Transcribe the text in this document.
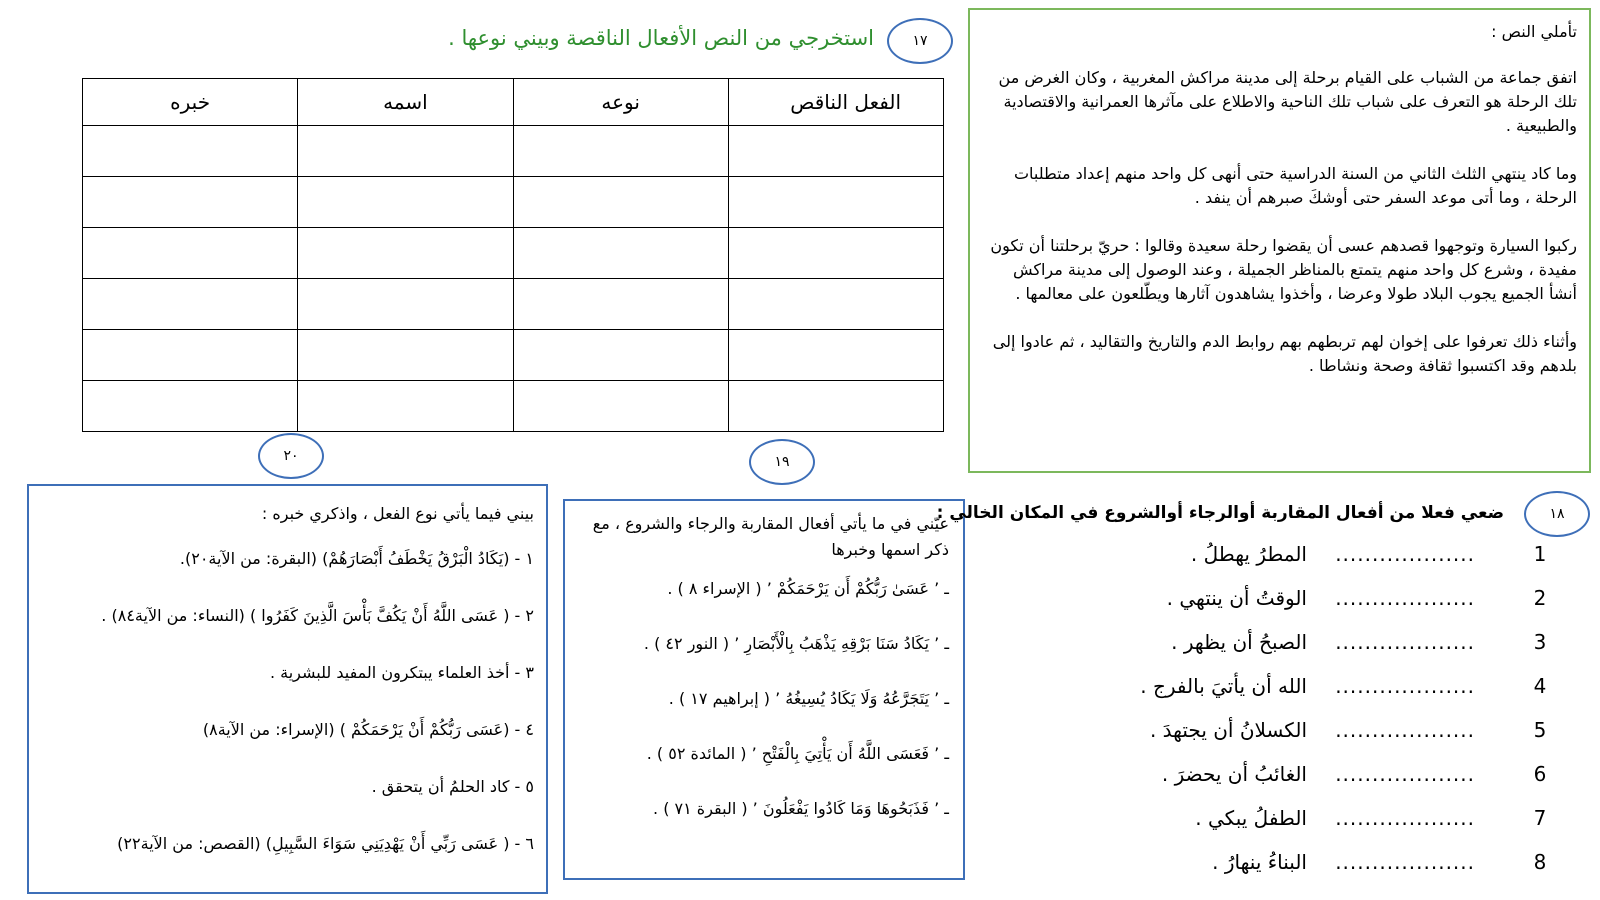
تأملي النص :
اتفق جماعة من الشباب على القيام برحلة إلى مدينة مراكش المغربية ، وكان الغرض من تلك الرحلة هو التعرف على شباب تلك الناحية والاطلاع على مآثرها العمرانية والاقتصادية والطبيعية .
وما كاد ينتهي الثلث الثاني من السنة الدراسية حتى أنهى كل واحد منهم إعداد متطلبات الرحلة ، وما أتى موعد السفر حتى أوشكَ صبرهم أن ينفد .
ركبوا السيارة وتوجهوا قصدهم عسى أن يقضوا رحلة سعيدة وقالوا : حريّ برحلتنا أن تكون مفيدة ، وشرع كل واحد منهم يتمتع بالمناظر الجميلة ، وعند الوصول إلى مدينة مراكش أنشأ الجميع يجوب البلاد طولا وعرضا ، وأخذوا يشاهدون آثارها ويطّلعون على معالمها .
وأثناء ذلك تعرفوا على إخوان لهم تربطهم بهم روابط الدم والتاريخ والتقاليد ، ثم عادوا إلى بلدهم وقد اكتسبوا ثقافة وصحة ونشاطا .
١٧
استخرجي من النص الأفعال الناقصة وبيني نوعها .
الفعل الناقص	نوعه	اسمه	خبره

٢٠
بيني فيما يأتي نوع الفعل ، واذكري خبره :
١ - (يَكَادُ الْبَرْقُ يَخْطَفُ أَبْصَارَهُمْ) (البقرة: من الآية٢٠).
٢ - ( عَسَى اللَّهُ أَنْ يَكُفَّ بَأْسَ الَّذِينَ كَفَرُوا ) (النساء: من الآية٨٤) .
٣ - أخذ العلماء يبتكرون المفيد للبشرية .
٤ - (عَسَى رَبُّكُمْ أَنْ يَرْحَمَكُمْ ) (الإسراء: من الآية٨)
٥ - كاد الحلمُ أن يتحقق .
٦ - ( عَسَى رَبِّي أَنْ يَهْدِيَنِي سَوَاءَ السَّبِيلِ) (القصص: من الآية٢٢)
١٩
عيّني في ما يأتي أفعال المقاربة والرجاء والشروع ، مع ذكر اسمها وخبرها
ـ ’ عَسَىٰ رَبُّكُمْ أَن يَرْحَمَكُمْ ’ ( الإسراء ٨ ) .
ـ ’ يَكَادُ سَنَا بَرْقِهِ يَذْهَبُ بِالْأَبْصَارِ ’ ( النور ٤٢ ) .
ـ ’ يَتَجَرَّعُهُ وَلَا يَكَادُ يُسِيغُهُ ’ ( إبراهيم ١٧ ) .
ـ ’ فَعَسَى اللَّهُ أَن يَأْتِيَ بِالْفَتْحِ ’ ( المائدة ٥٢ ) .
ـ ’ فَذَبَحُوهَا وَمَا كَادُوا يَفْعَلُونَ ’ ( البقرة ٧١ ) .
١٨
ضعي فعلا من أفعال المقاربة أوالرجاء أوالشروع في المكان الخالي :
1
...................
المطرُ يهطلُ .
2
...................
الوقتُ أن ينتهي .
3
...................
الصبحُ أن يظهر .
4
...................
الله أن يأتيَ بالفرج .
5
...................
الكسلانُ أن يجتهدَ .
6
...................
الغائبُ أن يحضرَ .
7
...................
الطفلُ يبكي .
8
...................
البناءُ ينهارُ .
